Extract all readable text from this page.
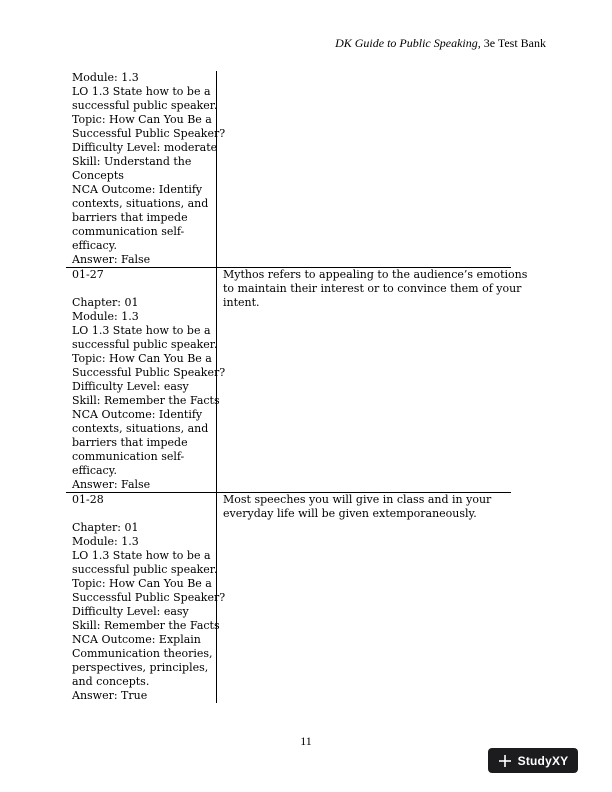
DK Guide to Public Speaking, 3e Test Bank
Module: 1.3
LO 1.3 State how to be a
successful public speaker.
Topic: How Can You Be a
Successful Public Speaker?
Difficulty Level: moderate
Skill: Understand the
Concepts
NCA Outcome: Identify
contexts, situations, and
barriers that impede
communication self-
efficacy.
Answer: False
01-27
Chapter: 01
Module: 1.3
LO 1.3 State how to be a
successful public speaker.
Topic: How Can You Be a
Successful Public Speaker?
Difficulty Level: easy
Skill: Remember the Facts
NCA Outcome: Identify
contexts, situations, and
barriers that impede
communication self-
efficacy.
Answer: False
Mythos refers to appealing to the audience’s emotions
to maintain their interest or to convince them of your
intent.
01-28
Chapter: 01
Module: 1.3
LO 1.3 State how to be a
successful public speaker.
Topic: How Can You Be a
Successful Public Speaker?
Difficulty Level: easy
Skill: Remember the Facts
NCA Outcome: Explain
Communication theories,
perspectives, principles,
and concepts.
Answer: True
Most speeches you will give in class and in your
everyday life will be given extemporaneously.
11
StudyXY
